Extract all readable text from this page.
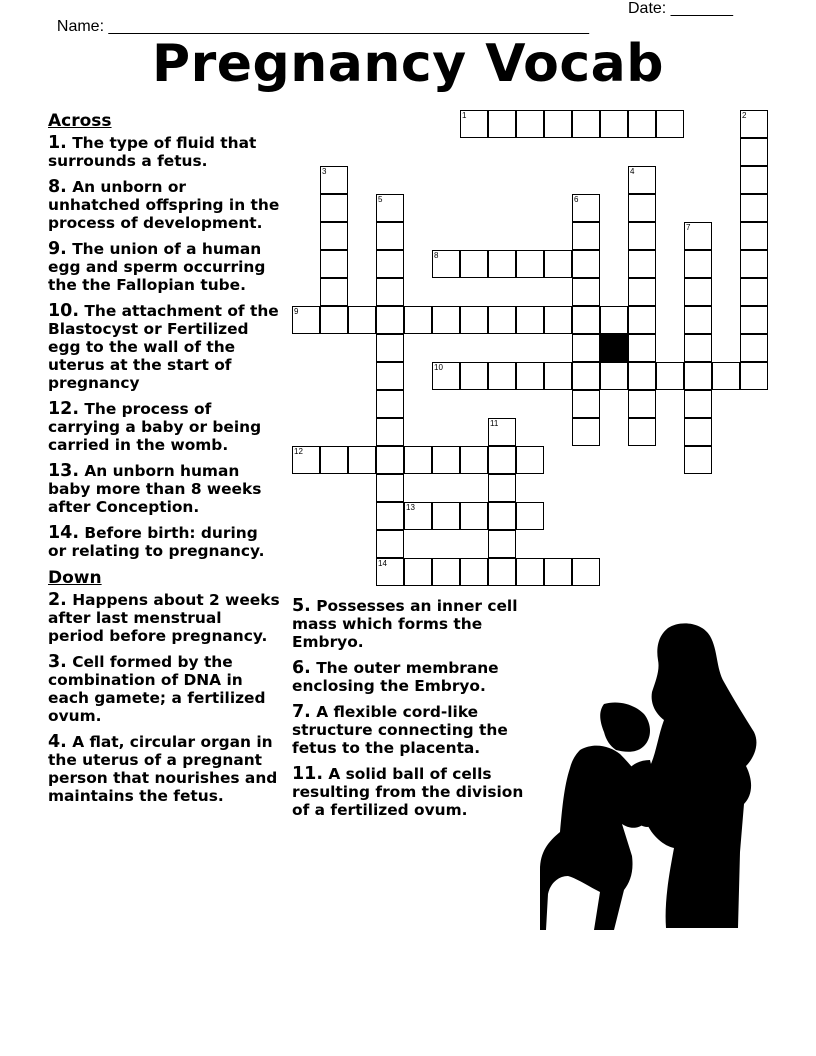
Name: ______________________________________________________

Date: _______

Pregnancy Vocab
Across
1. The type of fluid that surrounds a fetus.
8. An unborn or unhatched offspring in the process of development.
9. The union of a human egg and sperm occurring the the Fallopian tube.
10. The attachment of the Blastocyst or Fertilized egg to the wall of the uterus at the start of pregnancy
12. The process of carrying a baby or being carried in the womb.
13. An unborn human baby more than 8 weeks after Conception.
14. Before birth: during or relating to pregnancy.
Down
2. Happens about 2 weeks after last menstrual period before pregnancy.
3. Cell formed by the combination of DNA in each gamete; a fertilized ovum.
4. A flat, circular organ in the uterus of a pregnant person that nourishes and maintains the fetus.
5. Possesses an inner cell mass which forms the Embryo.
6. The outer membrane enclosing the Embryo.
7. A flexible cord-like structure connecting the fetus to the placenta.
11. A solid ball of cells resulting from the division of a fertilized ovum.
1
8
9
10
12
13
14
2
3	4
5	6
7
11
